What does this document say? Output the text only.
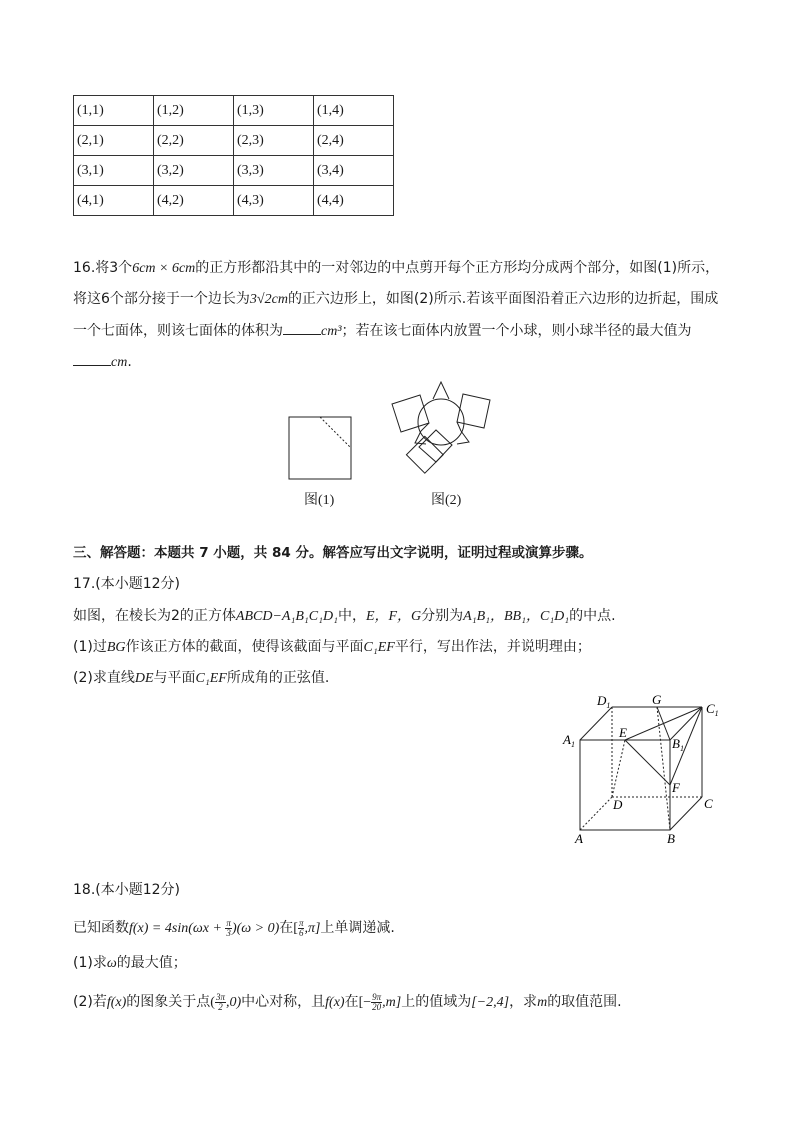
(1,1)	(1,2)	(1,3)	(1,4)
(2,1)	(2,2)	(2,3)	(2,4)
(3,1)	(3,2)	(3,3)	(3,4)
(4,1)	(4,2)	(4,3)	(4,4)
16.将3个6cm × 6cm的正方形都沿其中的一对邻边的中点剪开每个正方形均分成两个部分，如图(1)所示，
将这6个部分接于一个边长为3√2cm的正六边形上，如图(2)所示.若该平面图沿着正六边形的边折起，围成
一个七面体，则该七面体的体积为	cm³；若在该七面体内放置一个小球，则小球半径的最大值为
cm.
图(1)	图(2)
三、解答题：本题共 7 小题，共 84 分。解答应写出文字说明，证明过程或演算步骤。
17.(本小题12分)
如图，在棱长为2的正方体ABCD−A₁B₁C₁D₁中，E，F，G分别为A₁B₁，BB₁，C₁D₁的中点.
(1)过BG作该正方体的截面，使得该截面与平面C₁EF平行，写出作法，并说明理由；
(2)求直线DE与平面C₁EF所成角的正弦值.
$D_1$	G
$C_1$
$A_1$
E
$B_1$
F
D	C
A	B
18.(本小题12分)
已知函数$f(x) = 4\sin(\omega x + \frac{\pi}{3} )(\omega > 0)$在[ $\frac{\pi}{6} ,\pi$]上单调递减.
(1)求ω的最大值；
(2)若f(x)的图象关于点( $\frac{3\pi}{2} ,0$)中心对称，且f(x)在[− $\frac{9\pi}{20} ,m$]上的值域为[−2,4]，求m的取值范围.
